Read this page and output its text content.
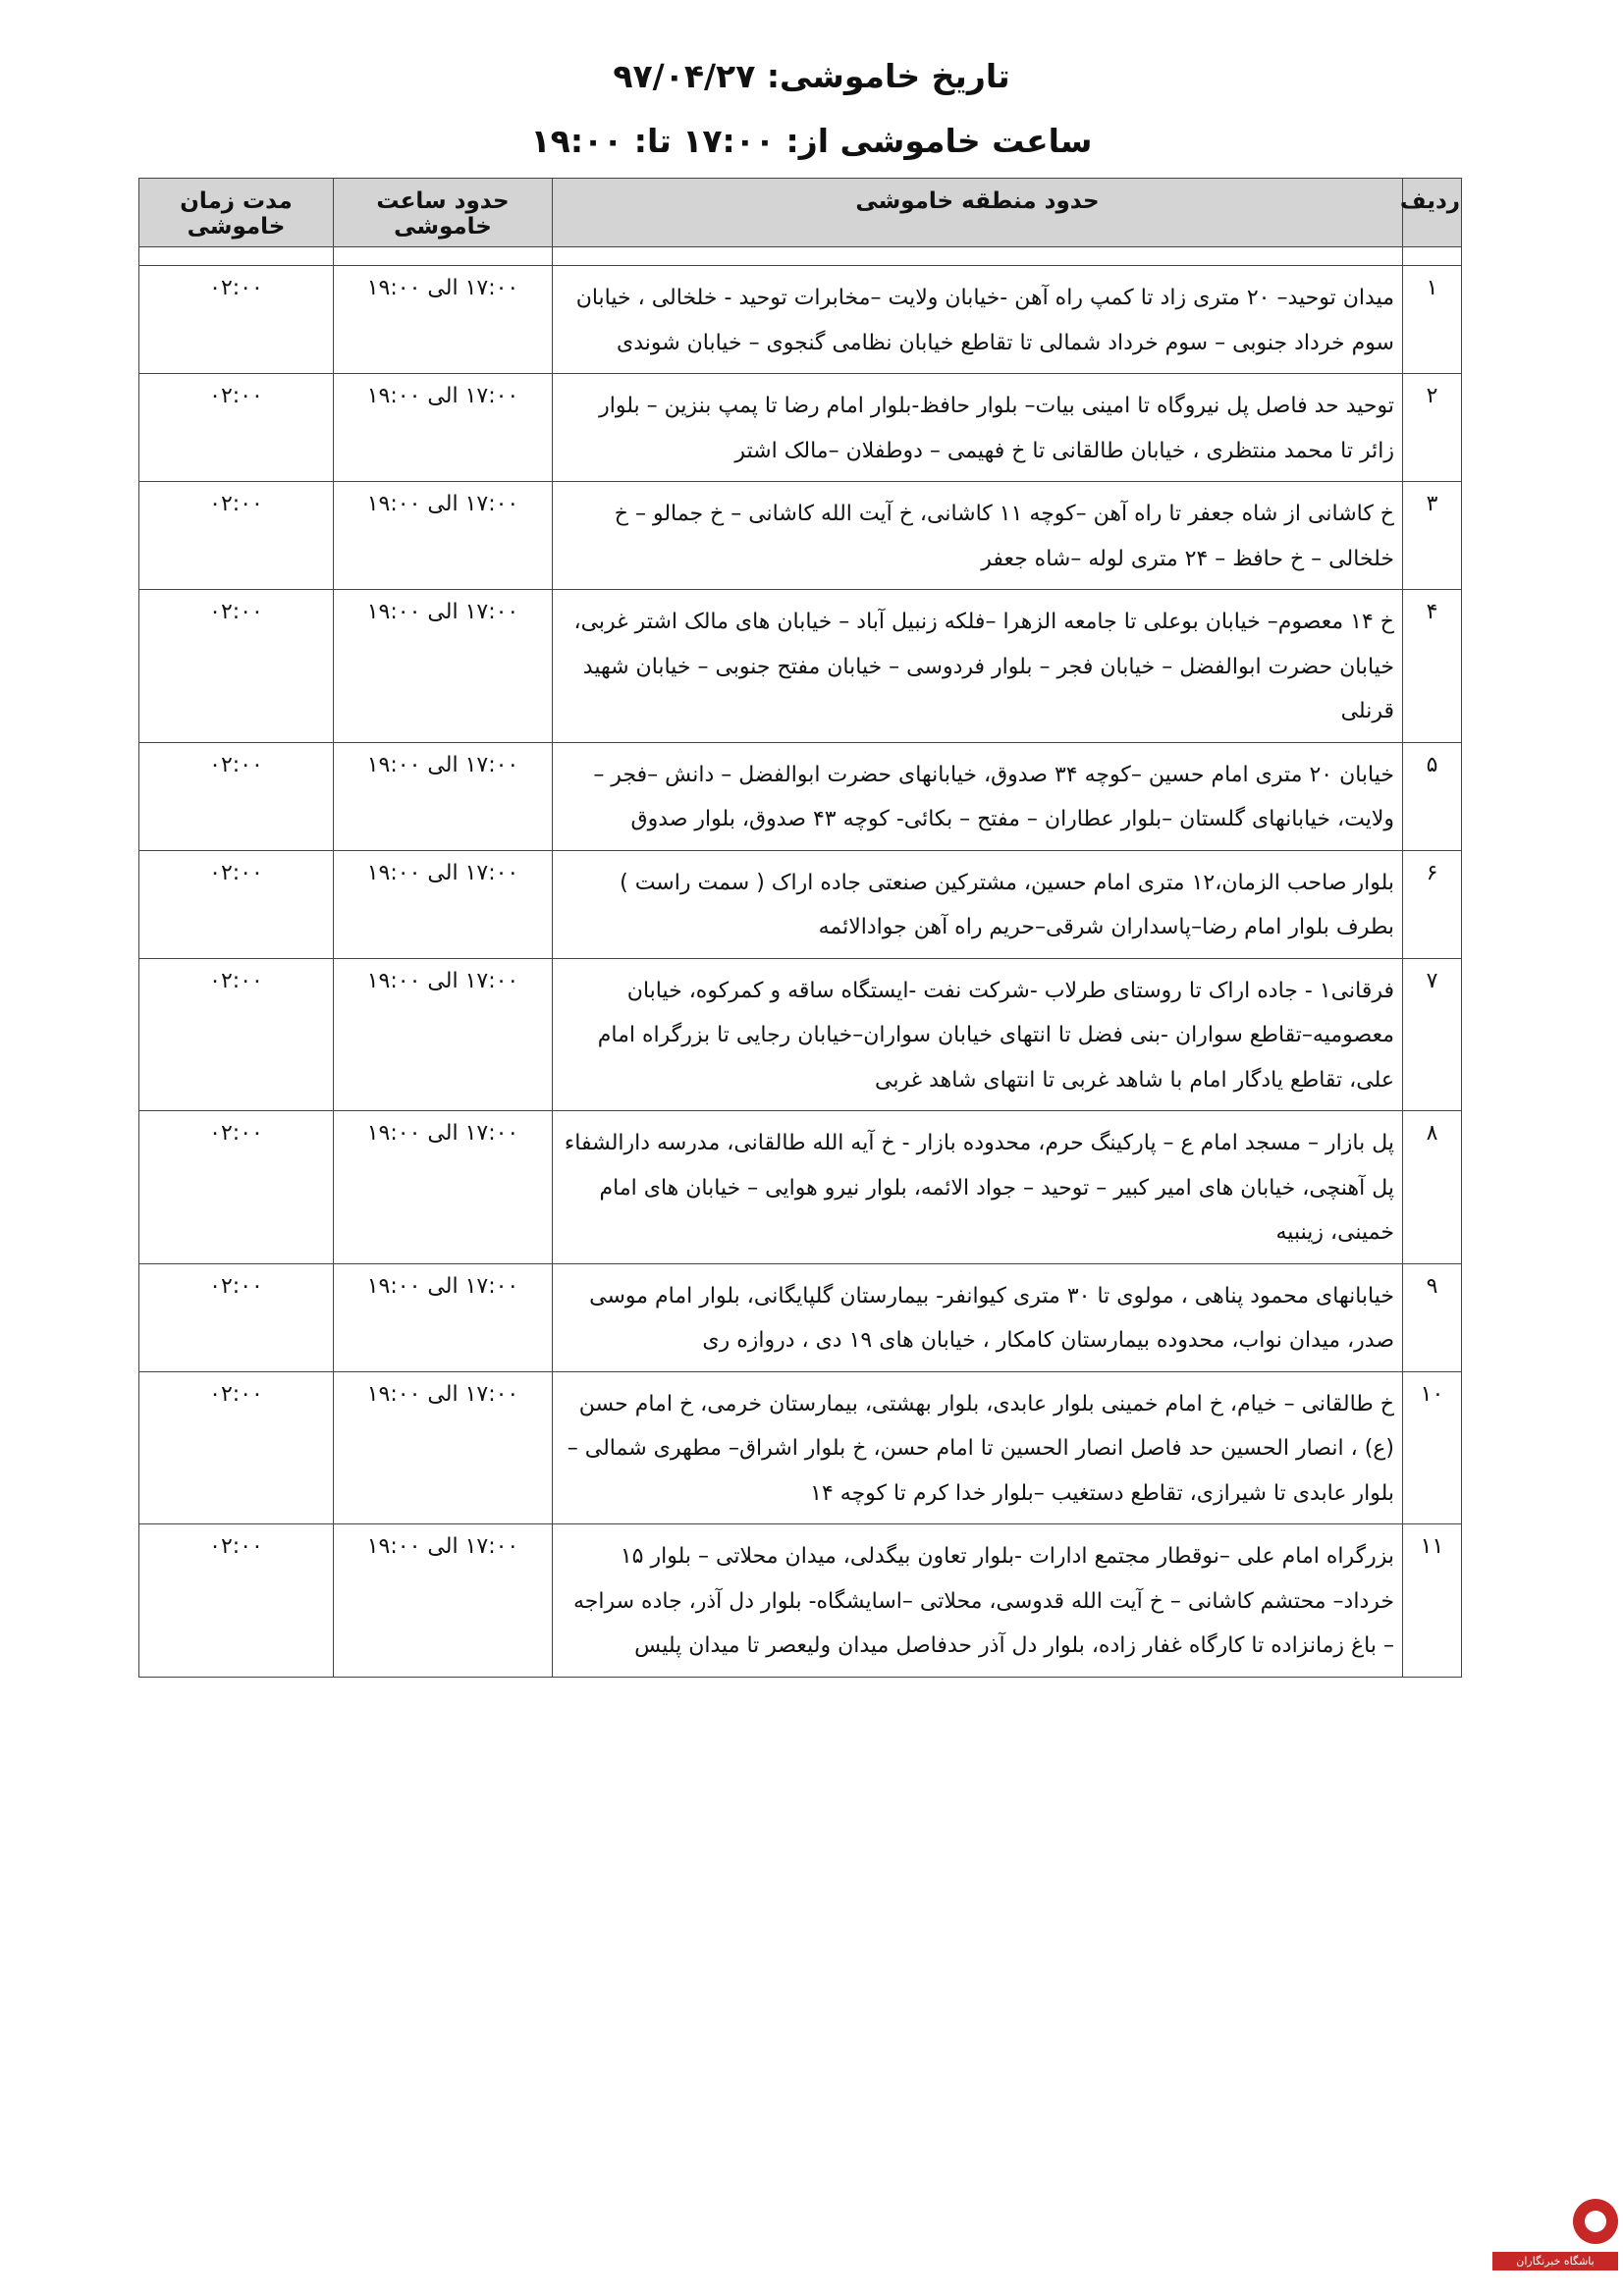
تاریخ خاموشی: ۹۷/۰۴/۲۷
ساعت خاموشی از: ۱۷:۰۰ تا: ۱۹:۰۰
ردیف	حدود منطقه خاموشی	حدود ساعت خاموشی	مدت زمان خاموشی

۱	میدان توحید– ۲۰ متری زاد تا کمپ راه آهن -خیابان ولایت –مخابرات توحید - خلخالی ، خیابان سوم خرداد جنوبی – سوم خرداد شمالی تا تقاطع خیابان نظامی گنجوی – خیابان شوندی	۱۷:۰۰ الی ۱۹:۰۰	۰۲:۰۰
۲	توحید حد فاصل پل نیروگاه تا امینی بیات– بلوار حافظ-بلوار امام رضا تا پمپ بنزین – بلوار زائر تا محمد منتظری ، خیابان طالقانی تا خ فهیمی – دوطفلان –مالک اشتر	۱۷:۰۰ الی ۱۹:۰۰	۰۲:۰۰
۳	خ کاشانی از شاه جعفر تا راه آهن –کوچه ۱۱ کاشانی، خ آیت الله کاشانی – خ جمالو – خ خلخالی – خ حافظ – ۲۴ متری لوله –شاه جعفر	۱۷:۰۰ الی ۱۹:۰۰	۰۲:۰۰
۴	خ ۱۴ معصوم– خیابان بوعلی تا جامعه الزهرا –فلکه زنبیل آباد – خیابان های مالک اشتر غربی، خیابان حضرت ابوالفضل – خیابان فجر – بلوار فردوسی – خیابان مفتح جنوبی – خیابان شهید قرنلی	۱۷:۰۰ الی ۱۹:۰۰	۰۲:۰۰
۵	خیابان ۲۰ متری امام حسین –کوچه ۳۴ صدوق، خیابانهای حضرت ابوالفضل – دانش –فجر – ولایت، خیابانهای گلستان –بلوار عطاران – مفتح – بکائی- کوچه ۴۳ صدوق، بلوار صدوق	۱۷:۰۰ الی ۱۹:۰۰	۰۲:۰۰
۶	بلوار صاحب الزمان،۱۲ متری امام حسین، مشترکین صنعتی جاده اراک ( سمت راست ) بطرف بلوار امام رضا–پاسداران شرقی–حریم راه آهن جوادالائمه	۱۷:۰۰ الی ۱۹:۰۰	۰۲:۰۰
۷	فرقانی۱ - جاده اراک تا روستای طرلاب -شرکت نفت -ایستگاه ساقه و کمرکوه، خیابان معصومیه–تقاطع سواران -بنی فضل تا انتهای خیابان سواران–خیابان رجایی تا بزرگراه امام علی، تقاطع یادگار امام با شاهد غربی تا انتهای شاهد غربی	۱۷:۰۰ الی ۱۹:۰۰	۰۲:۰۰
۸	پل بازار – مسجد امام ع – پارکینگ حرم، محدوده بازار - خ آیه الله طالقانی، مدرسه دارالشفاء پل آهنچی، خیابان های امیر کبیر – توحید – جواد الائمه، بلوار نیرو هوایی – خیابان های امام خمینی، زینبیه	۱۷:۰۰ الی ۱۹:۰۰	۰۲:۰۰
۹	خیابانهای محمود پناهی ، مولوی تا ۳۰ متری کیوانفر- بیمارستان گلپایگانی، بلوار امام موسی صدر، میدان نواب، محدوده بیمارستان کامکار ، خیابان های ۱۹ دی ، دروازه ری	۱۷:۰۰ الی ۱۹:۰۰	۰۲:۰۰
۱۰	خ طالقانی – خیام، خ امام خمینی بلوار عابدی، بلوار بهشتی، بیمارستان خرمی، خ امام حسن (ع) ، انصار الحسین حد فاصل انصار الحسین تا امام حسن، خ بلوار اشراق– مطهری شمالی – بلوار عابدی تا شیرازی، تقاطع دستغیب –بلوار خدا کرم تا کوچه ۱۴	۱۷:۰۰ الی ۱۹:۰۰	۰۲:۰۰
۱۱	بزرگراه امام علی –نوقطار مجتمع ادارات -بلوار تعاون بیگدلی، میدان محلاتی – بلوار ۱۵ خرداد– محتشم کاشانی – خ آیت الله قدوسی، محلاتی –اسایشگاه- بلوار دل آذر، جاده سراجه – باغ زمانزاده تا کارگاه غفار زاده، بلوار دل آذر حدفاصل میدان ولیعصر تا میدان پلیس	۱۷:۰۰ الی ۱۹:۰۰	۰۲:۰۰
باشگاه خبرنگاران
